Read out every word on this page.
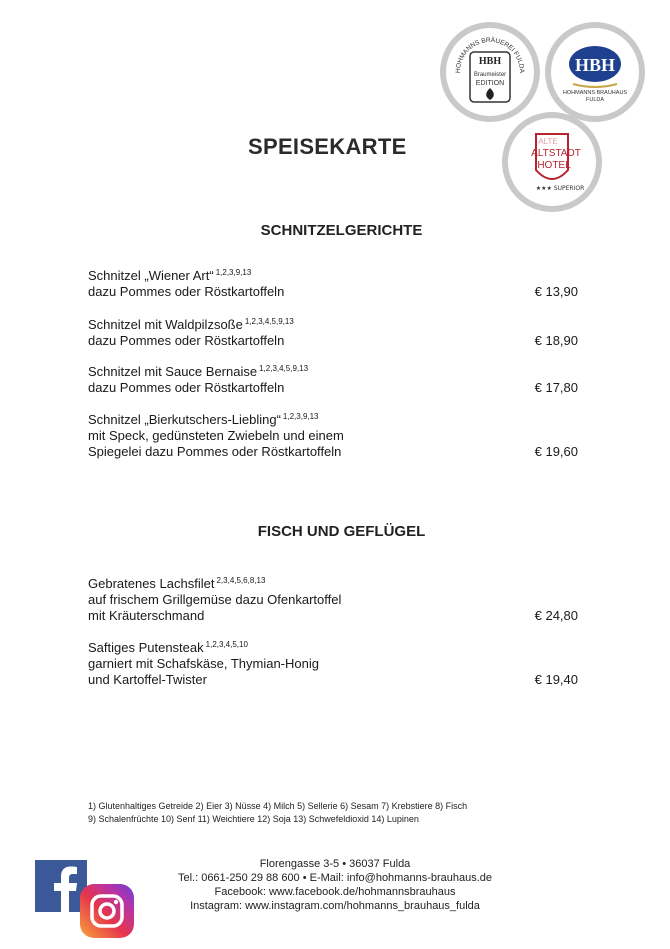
HOHMANNS BRÄUEREI FULDA
HBH
Braumeister
EDITION
HBH
HOHMANNS BRAUHAUS
FULDA
ALTE
ALTSTADT
HOTEL
★★★ SUPERIOR
SPEISEKARTE
SCHNITZELGERICHTE
Schnitzel „Wiener Art“ $^{1,2,3,9,13}$
dazu Pommes oder Röstkartoffeln	€ 13,90
Schnitzel mit Waldpilzsoße $^{1,2,3,4,5,9,13}$
dazu Pommes oder Röstkartoffeln	€ 18,90
Schnitzel mit Sauce Bernaise $^{1,2,3,4,5,9,13}$
dazu Pommes oder Röstkartoffeln	€ 17,80
Schnitzel „Bierkutschers-Liebling“ $^{1,2,3,9,13}$
mit Speck, gedünsteten Zwiebeln und einem
Spiegelei dazu Pommes oder Röstkartoffeln	€ 19,60
FISCH UND GEFLÜGEL
Gebratenes Lachsfilet $^{2,3,4,5,6,8,13}$
auf frischem Grillgemüse dazu Ofenkartoffel
mit Kräuterschmand	€ 24,80
Saftiges Putensteak $^{1,2,3,4,5,10}$
garniert mit Schafskäse, Thymian-Honig
und Kartoffel-Twister	€ 19,40
1) Glutenhaltiges Getreide 2) Eier 3) Nüsse 4) Milch 5) Sellerie 6) Sesam 7) Krebstiere 8) Fisch
9) Schalenfrüchte 10) Senf 11) Weichtiere 12) Soja 13) Schwefeldioxid 14) Lupinen
Florengasse 3-5 • 36037 Fulda
Tel.: 0661-250 29 88 600 • E-Mail: info@hohmanns-brauhaus.de
Facebook: www.facebook.de/hohmannsbrauhaus
Instagram: www.instagram.com/hohmanns_brauhaus_fulda
